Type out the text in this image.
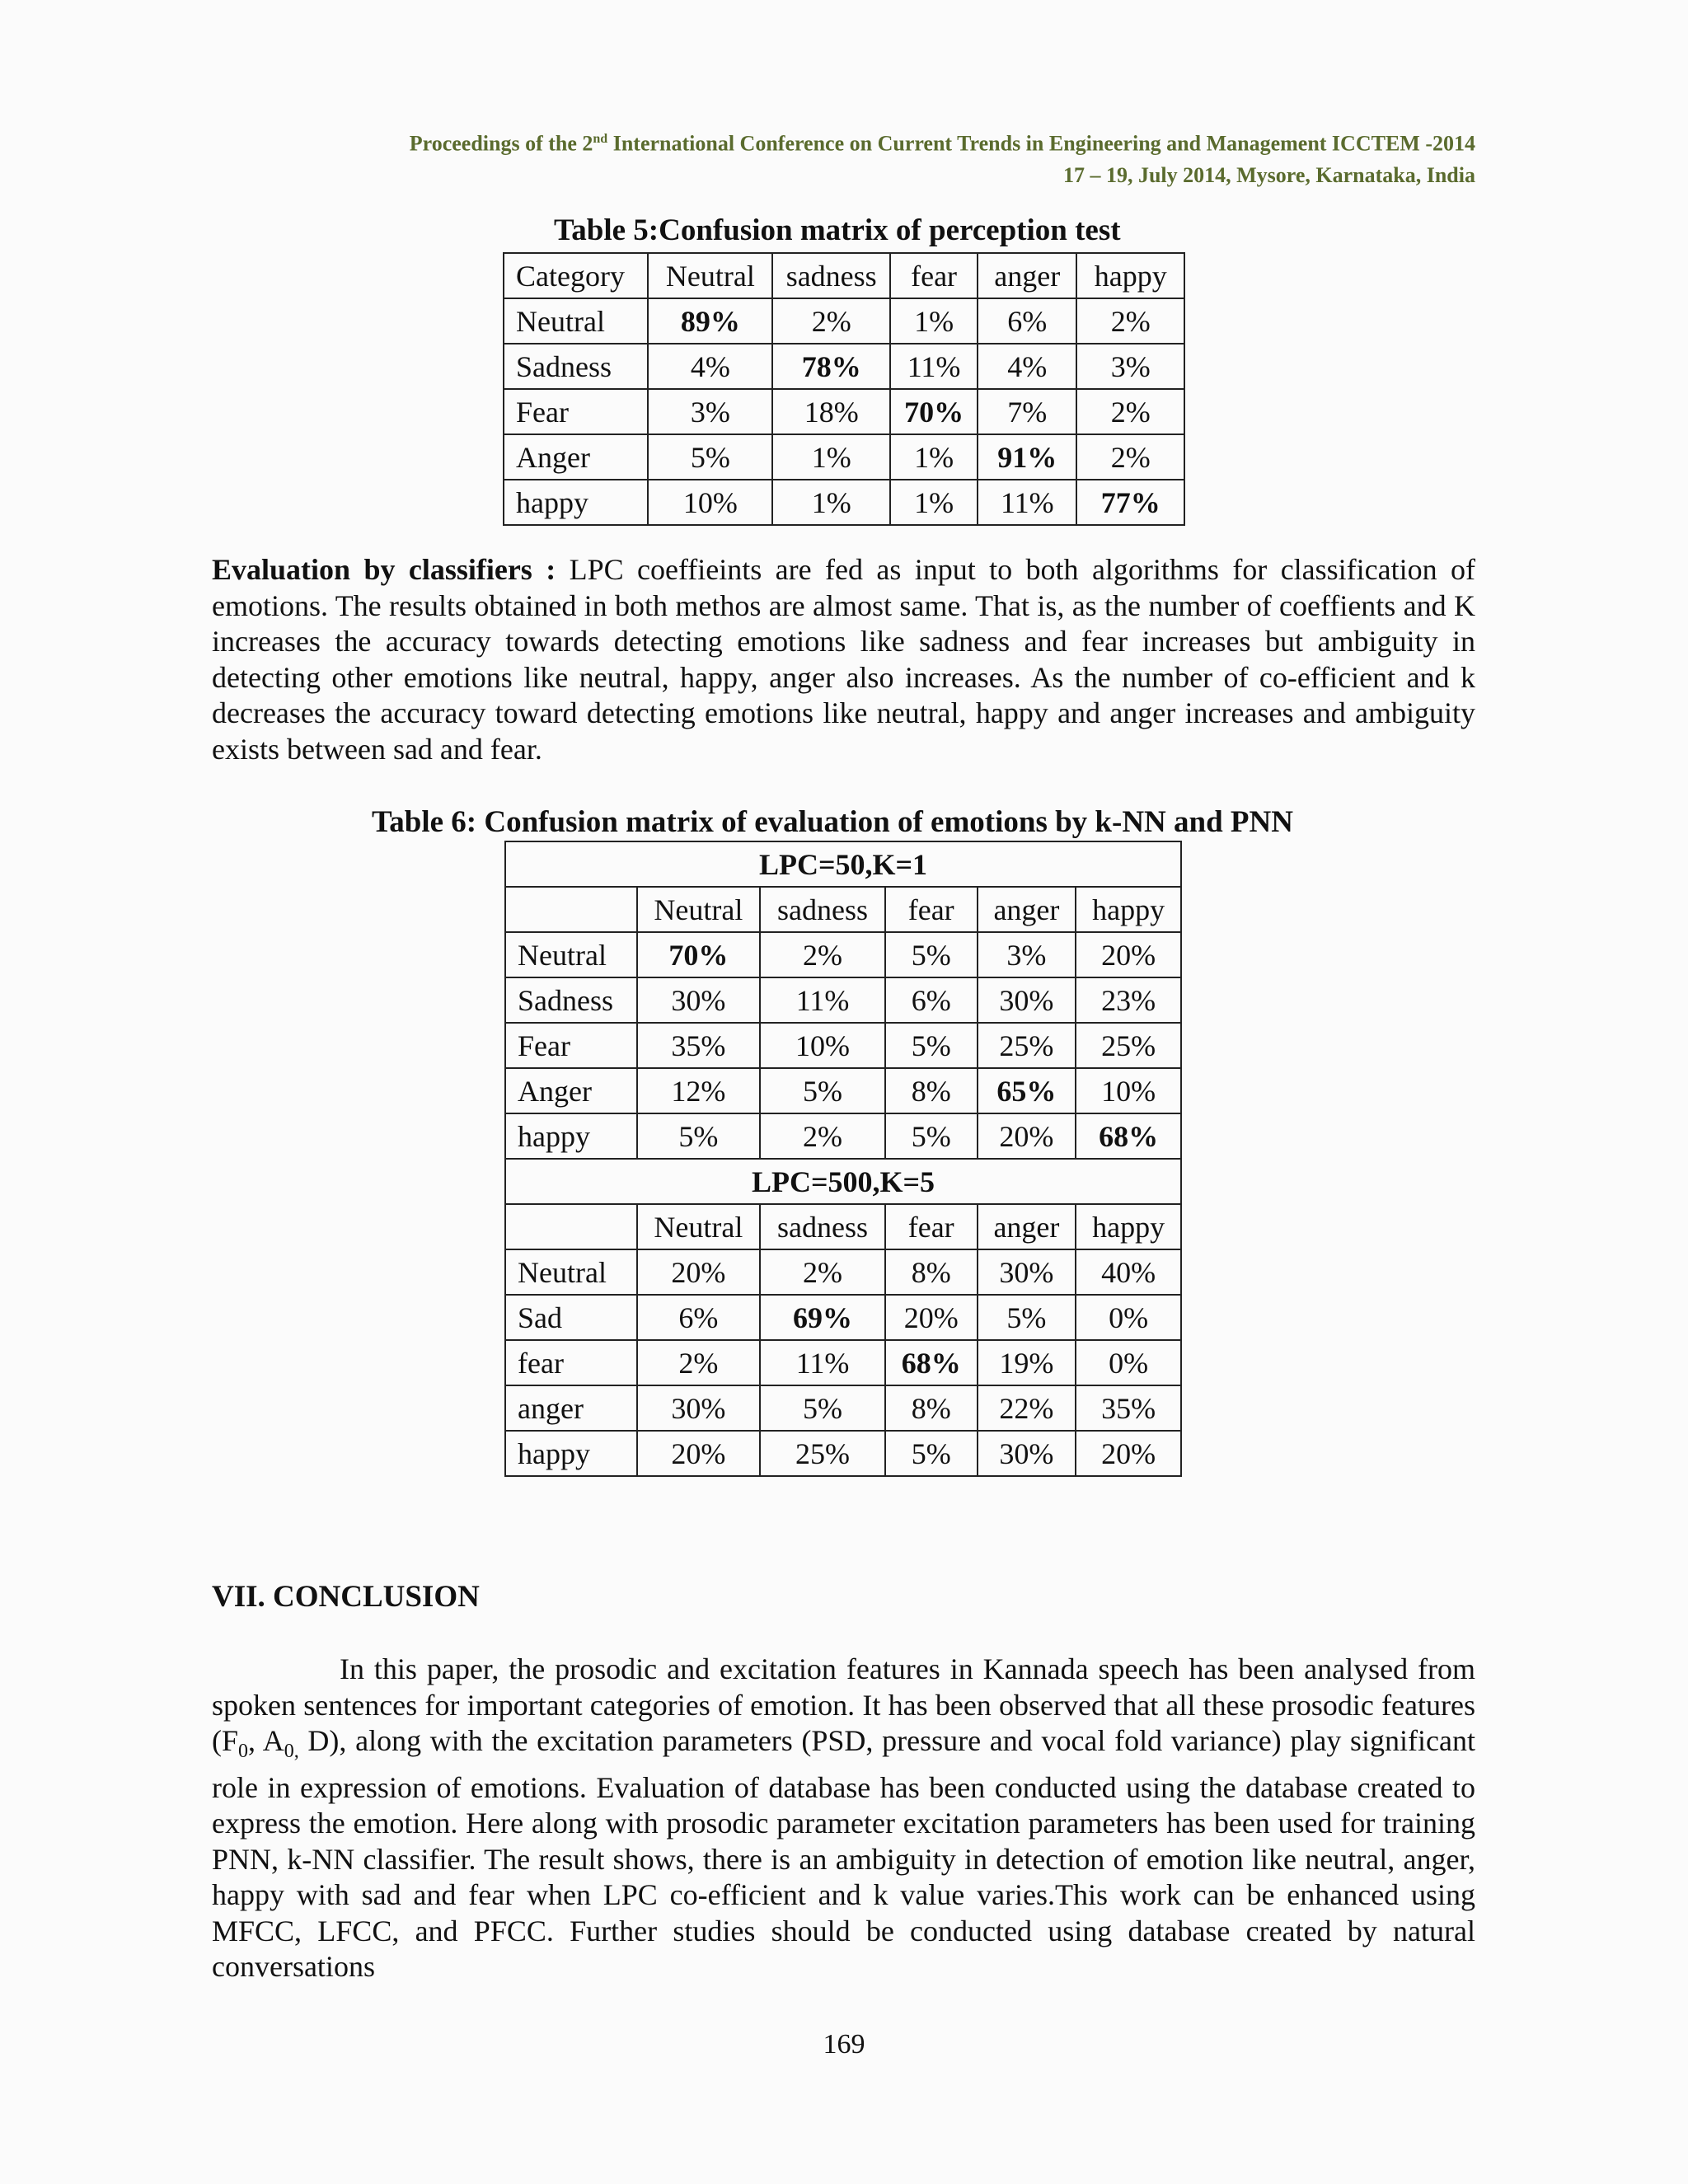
Proceedings of the 2nd International Conference on Current Trends in Engineering and Management ICCTEM -2014
17 – 19, July 2014, Mysore, Karnataka, India
Table 5:Confusion matrix of perception test
Category	Neutral	sadness	fear	anger	happy
Neutral	89%	2%	1%	6%	2%
Sadness	4%	78%	11%	4%	3%
Fear	3%	18%	70%	7%	2%
Anger	5%	1%	1%	91%	2%
happy	10%	1%	1%	11%	77%
Evaluation by classifiers : LPC coeffieints are fed as input to both algorithms for classification of emotions. The results obtained in both methos are almost same. That is, as the number of coeffients and K increases the accuracy towards detecting emotions like sadness and fear increases but ambiguity in detecting other emotions like neutral, happy, anger also increases. As the number of co-efficient and k decreases the accuracy toward detecting emotions like neutral, happy and anger increases and ambiguity exists between sad and fear.
Table 6: Confusion matrix of evaluation of emotions by k-NN and PNN
LPC=50,K=1					
	Neutral	sadness	fear	anger	happy
Neutral	70%	2%	5%	3%	20%
Sadness	30%	11%	6%	30%	23%
Fear	35%	10%	5%	25%	25%
Anger	12%	5%	8%	65%	10%
happy	5%	2%	5%	20%	68%
LPC=500,K=5					
	Neutral	sadness	fear	anger	happy
Neutral	20%	2%	8%	30%	40%
Sad	6%	69%	20%	5%	0%
fear	2%	11%	68%	19%	0%
anger	30%	5%	8%	22%	35%
happy	20%	25%	5%	30%	20%
VII. CONCLUSION
In this paper, the prosodic and excitation features in Kannada speech has been analysed from spoken sentences for important categories of emotion. It has been observed that all these prosodic features ($F_0$, $A_{0,}$ D), along with the excitation parameters (PSD, pressure and vocal fold variance) play significant role in expression of emotions. Evaluation of database has been conducted using the database created to express the emotion. Here along with prosodic parameter excitation parameters has been used for training PNN, k-NN classifier. The result shows, there is an ambiguity in detection of emotion like neutral, anger, happy with sad and fear when LPC co-efficient and k value varies.This work can be enhanced using MFCC, LFCC, and PFCC. Further studies should be conducted using database created by natural conversations
169
